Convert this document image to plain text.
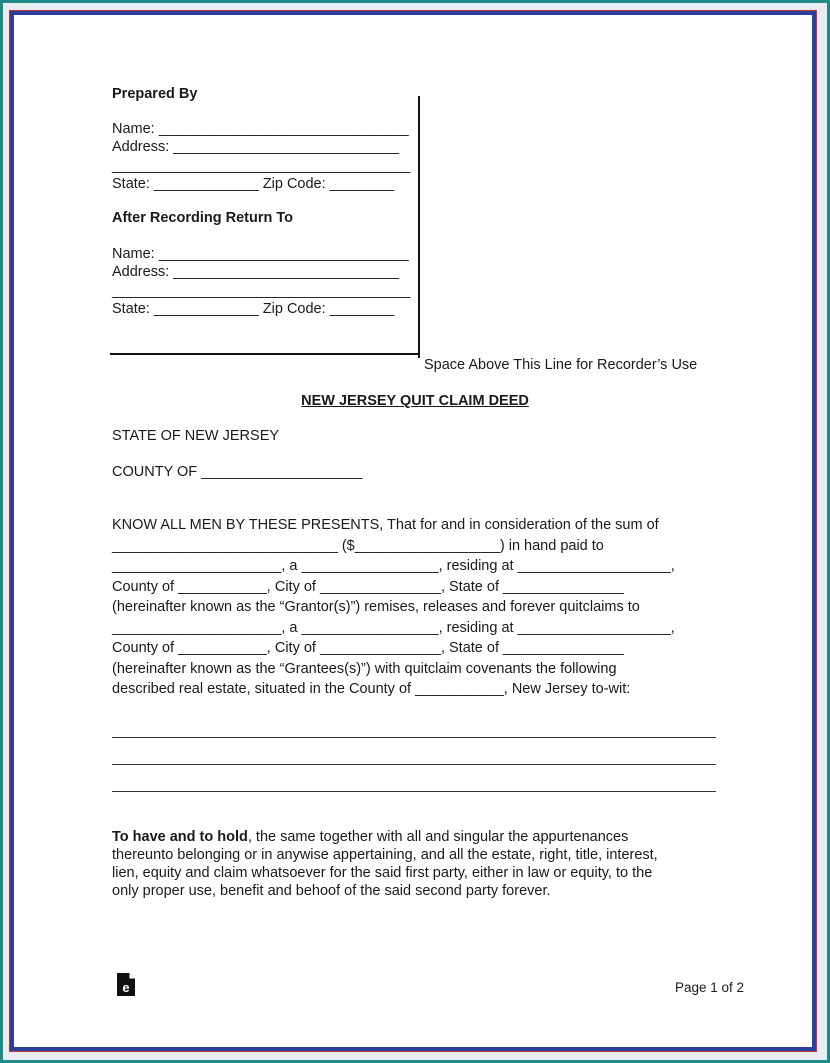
Prepared By
Name: _______________________________
Address: ____________________________
_____________________________________
State: _____________ Zip Code: ________
After Recording Return To
Name: _______________________________
Address: ____________________________
_____________________________________
State: _____________ Zip Code: ________
Space Above This Line for Recorder’s Use
NEW JERSEY QUIT CLAIM DEED
STATE OF NEW JERSEY
COUNTY OF ____________________
KNOW ALL MEN BY THESE PRESENTS, That for and in consideration of the sum of
____________________________ ($__________________) in hand paid to
_____________________, a _________________, residing at ___________________,
County of ___________, City of _______________, State of _______________
(hereinafter known as the “Grantor(s)”) remises, releases and forever quitclaims to
_____________________, a _________________, residing at ___________________,
County of ___________, City of _______________, State of _______________
(hereinafter known as the “Grantees(s)”) with quitclaim covenants the following
described real estate, situated in the County of ___________, New Jersey to-wit:
To have and to hold, the same together with all and singular the appurtenances
thereunto belonging or in anywise appertaining, and all the estate, right, title, interest,
lien, equity and claim whatsoever for the said first party, either in law or equity, to the
only proper use, benefit and behoof of the said second party forever.
e	Page 1 of 2
